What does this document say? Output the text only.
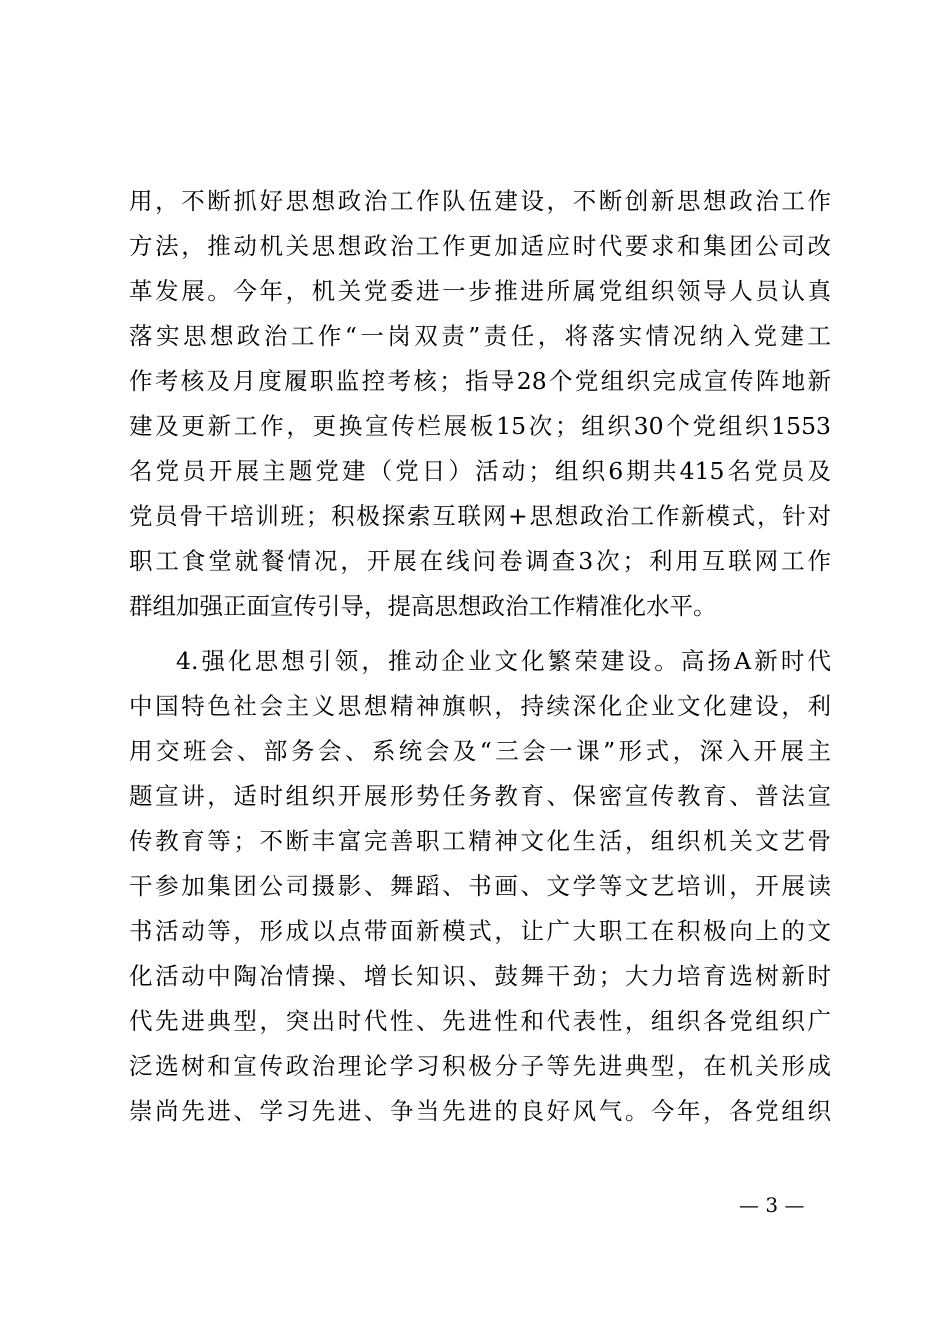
用，不断抓好思想政治工作队伍建设，不断创新思想政治工作
方法，推动机关思想政治工作更加适应时代要求和集团公司改
革发展。今年，机关党委进一步推进所属党组织领导人员认真
落实思想政治工作“一岗双责”责任，将落实情况纳入党建工
作考核及月度履职监控考核；指导28个党组织完成宣传阵地新
建及更新工作，更换宣传栏展板15次；组织30个党组织1553
名党员开展主题党建（党日）活动；组织6期共415名党员及
党员骨干培训班；积极探索互联网+思想政治工作新模式，针对
职工食堂就餐情况，开展在线问卷调查3次；利用互联网工作
群组加强正面宣传引导，提高思想政治工作精准化水平。
4.强化思想引领，推动企业文化繁荣建设。高扬A新时代
中国特色社会主义思想精神旗帜，持续深化企业文化建设，利
用交班会、部务会、系统会及“三会一课”形式，深入开展主
题宣讲，适时组织开展形势任务教育、保密宣传教育、普法宣
传教育等；不断丰富完善职工精神文化生活，组织机关文艺骨
干参加集团公司摄影、舞蹈、书画、文学等文艺培训，开展读
书活动等，形成以点带面新模式，让广大职工在积极向上的文
化活动中陶冶情操、增长知识、鼓舞干劲；大力培育选树新时
代先进典型，突出时代性、先进性和代表性，组织各党组织广
泛选树和宣传政治理论学习积极分子等先进典型，在机关形成
崇尚先进、学习先进、争当先进的良好风气。今年，各党组织
— 3 —
